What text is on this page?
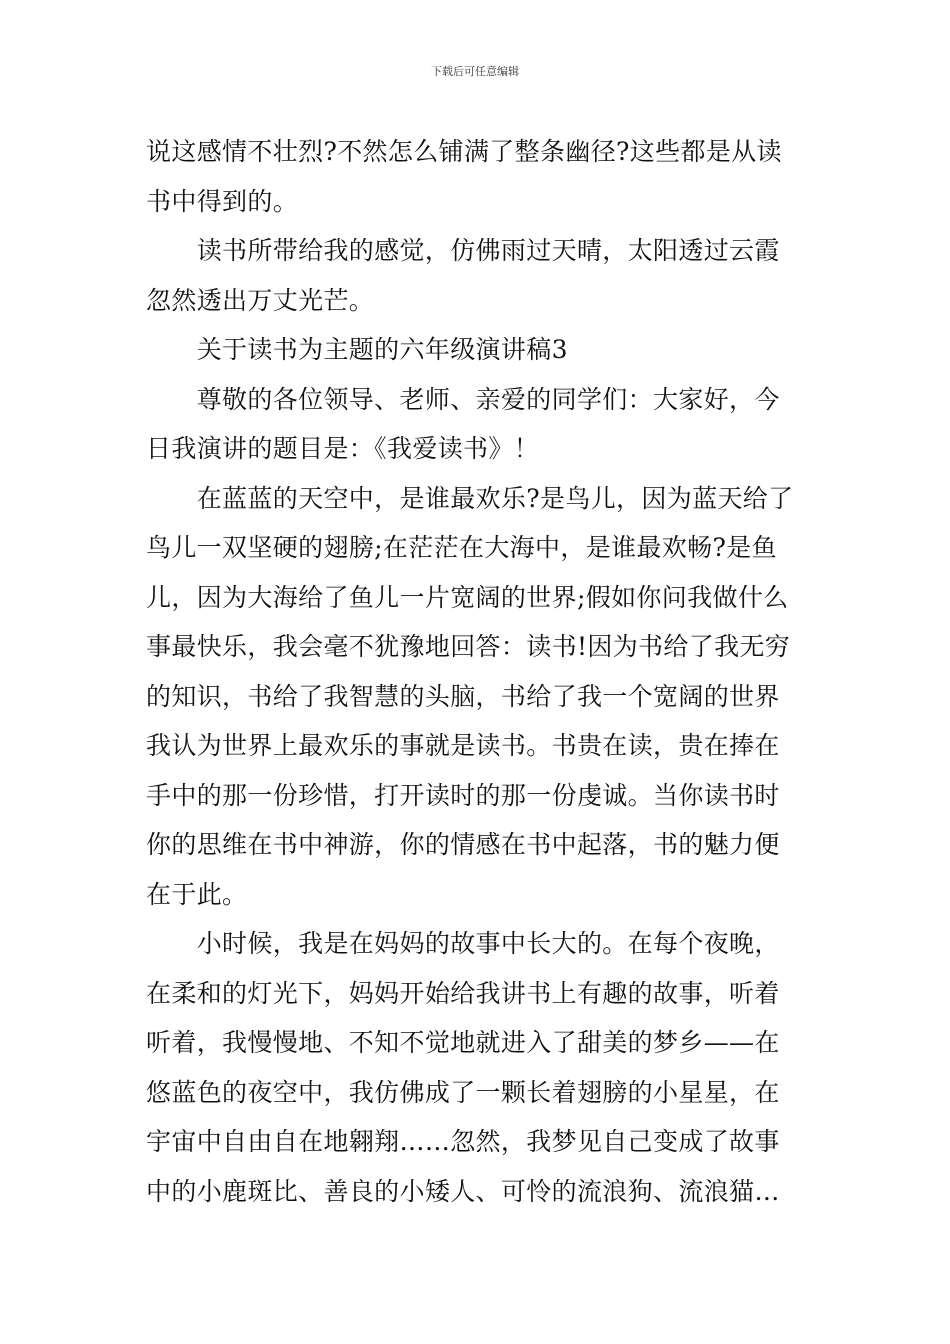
下载后可任意编辑
说这感情不壮烈?不然怎么铺满了整条幽径?这些都是从读
书中得到的。
　　读书所带给我的感觉，仿佛雨过天晴，太阳透过云霞
忽然透出万丈光芒。
　　关于读书为主题的六年级演讲稿3
　　尊敬的各位领导、老师、亲爱的同学们：大家好，今
日我演讲的题目是：《我爱读书》！
　　在蓝蓝的天空中，是谁最欢乐?是鸟儿，因为蓝天给了
鸟儿一双坚硬的翅膀;在茫茫在大海中，是谁最欢畅?是鱼
儿，因为大海给了鱼儿一片宽阔的世界;假如你问我做什么
事最快乐，我会毫不犹豫地回答：读书!因为书给了我无穷
的知识，书给了我智慧的头脑，书给了我一个宽阔的世界
我认为世界上最欢乐的事就是读书。书贵在读，贵在捧在
手中的那一份珍惜，打开读时的那一份虔诚。当你读书时
你的思维在书中神游，你的情感在书中起落，书的魅力便
在于此。
　　小时候，我是在妈妈的故事中长大的。在每个夜晚，
在柔和的灯光下，妈妈开始给我讲书上有趣的故事，听着
听着，我慢慢地、不知不觉地就进入了甜美的梦乡——在
悠蓝色的夜空中，我仿佛成了一颗长着翅膀的小星星，在
宇宙中自由自在地翱翔……忽然，我梦见自己变成了故事
中的小鹿斑比、善良的小矮人、可怜的流浪狗、流浪猫…
